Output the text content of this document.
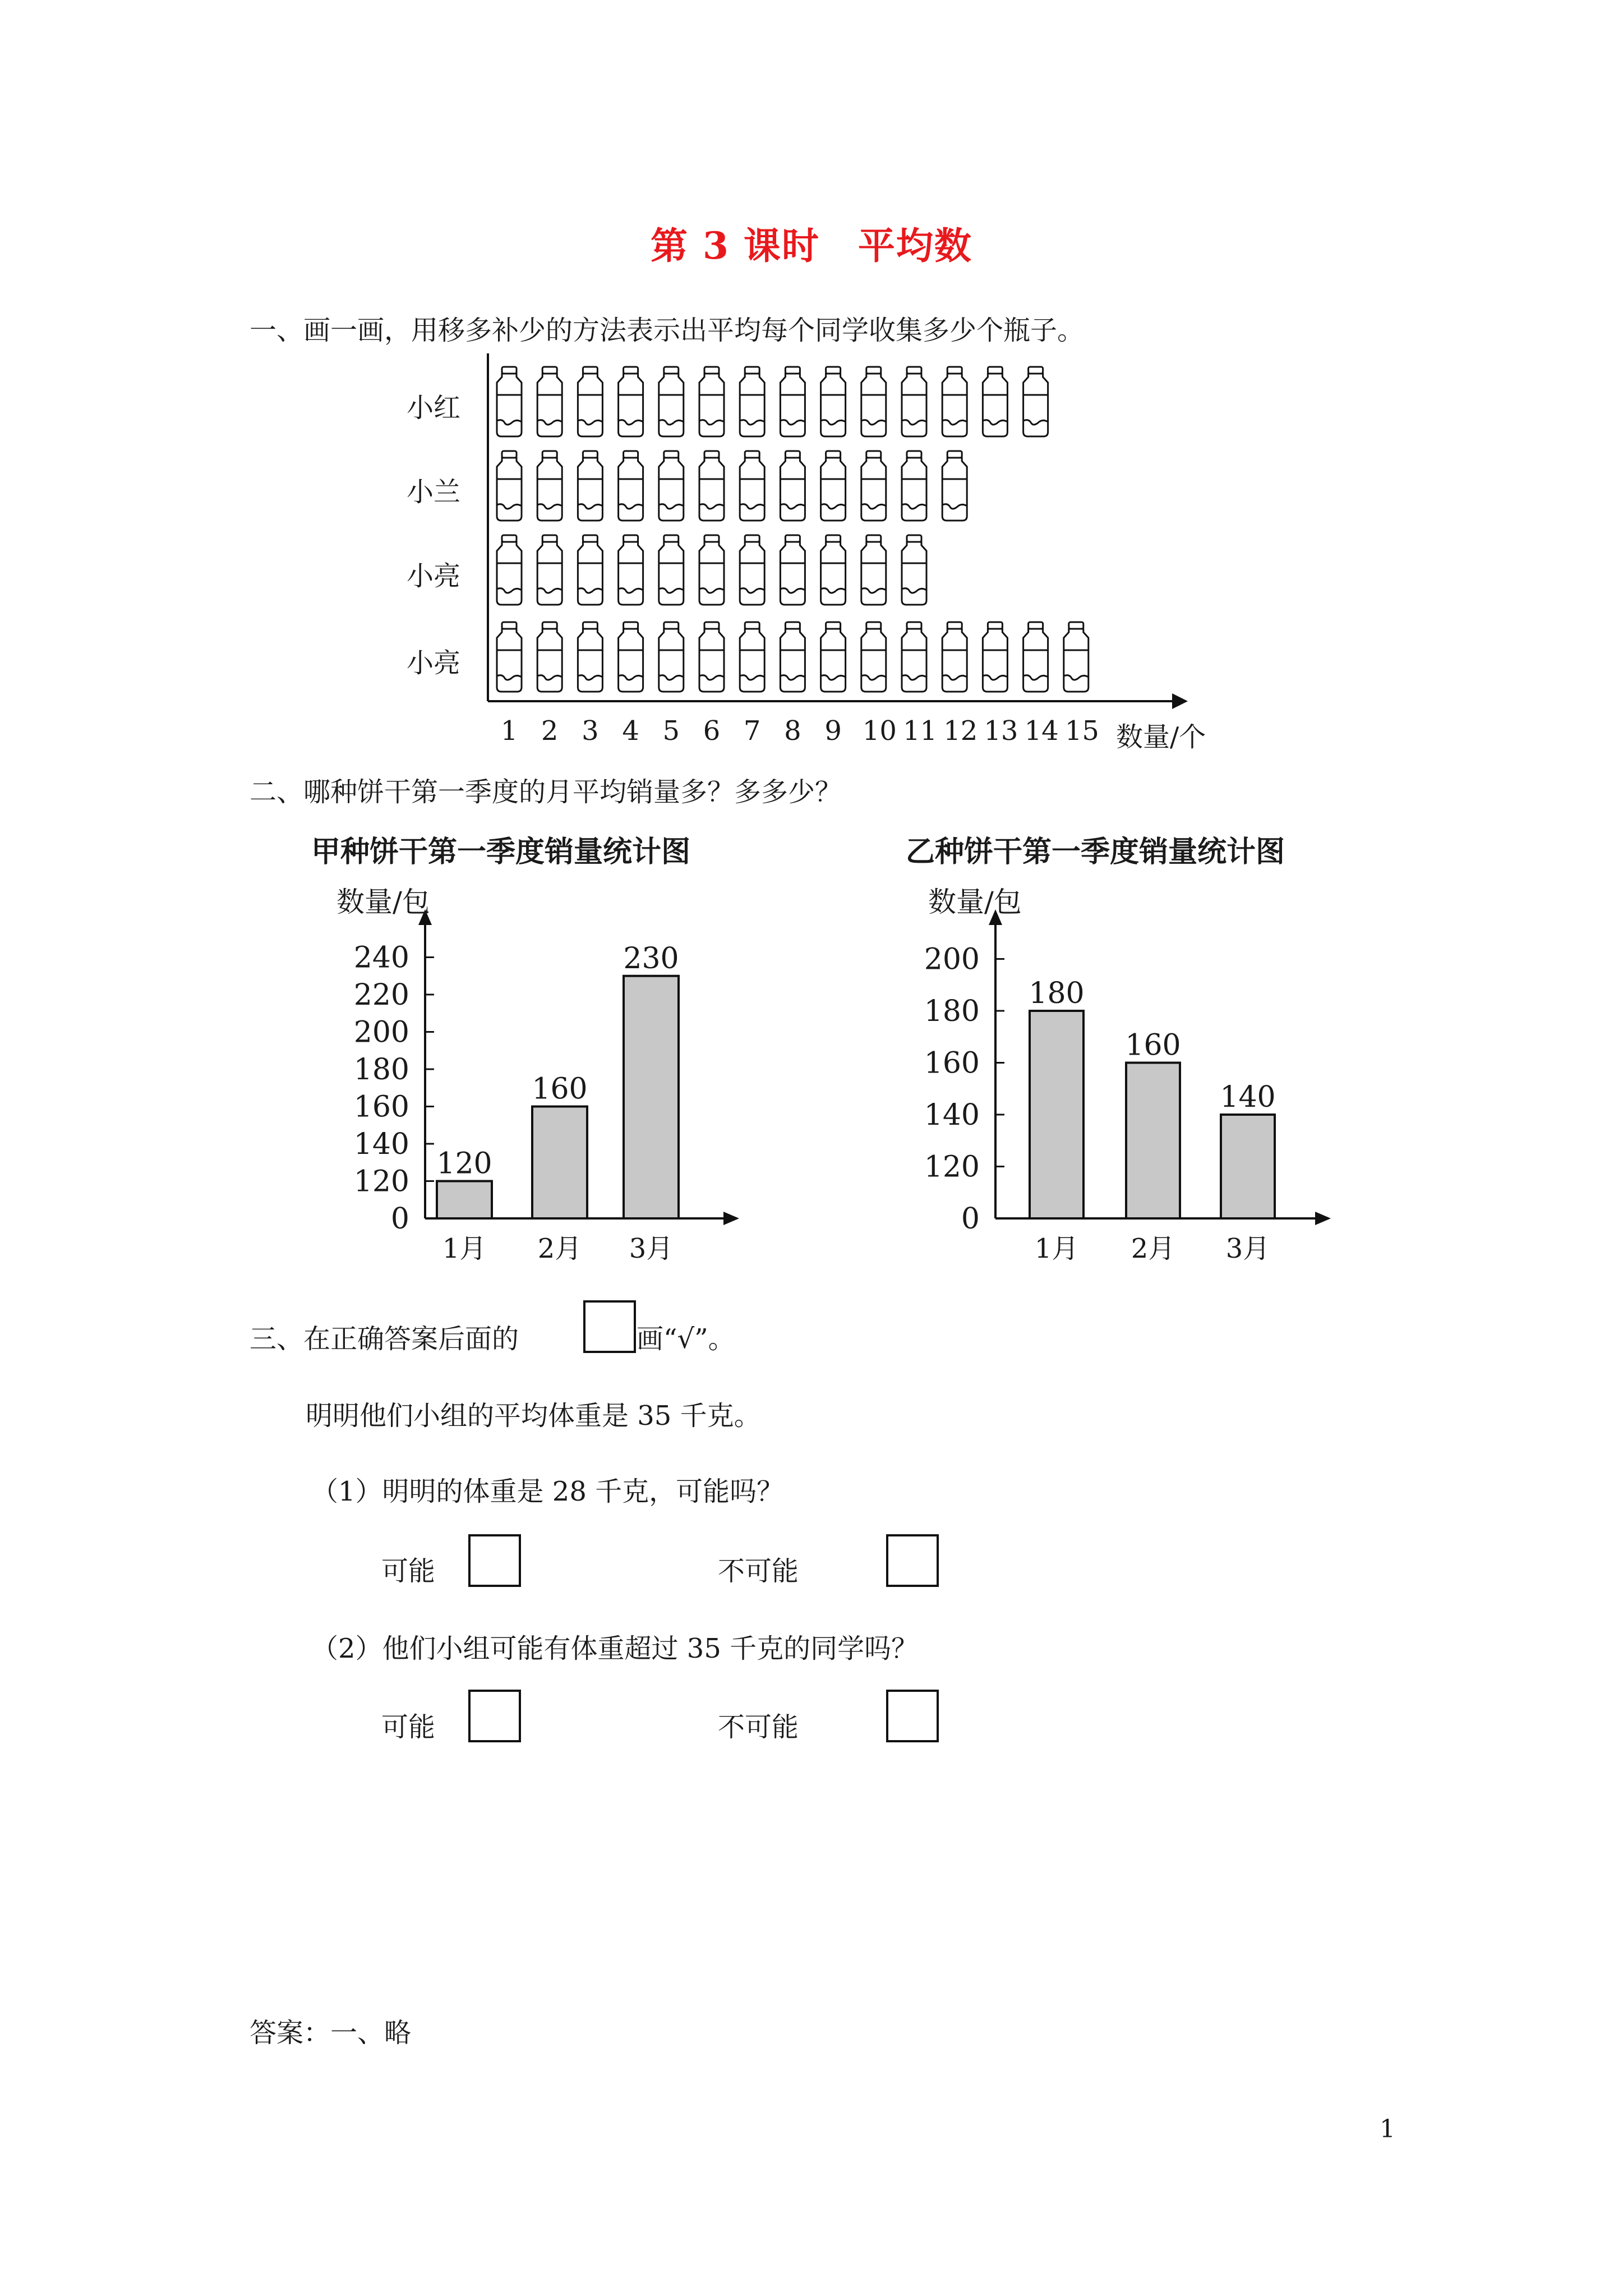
第 3 课时　平均数
一、画一画，用移多补少的方法表示出平均每个同学收集多少个瓶子。
小红
小兰
小亮
小亮
1 2 3 4 5 6 7 8 9 10 11 12 13 14 15 数量/个
二、哪种饼干第一季度的月平均销量多？多多少？
甲种饼干第一季度销量统计图	乙种饼干第一季度销量统计图
0
120
140
160
180
200
220
240
数量/包
120
1月
160
2月
230
3月
0
120
140
160
180
200
数量/包
180
1月
160
2月
140
3月
三、在正确答案后面的	画“√”。
明明他们小组的平均体重是 35 千克。
（1）明明的体重是 28 千克，可能吗？
可能	不可能
（2）他们小组可能有体重超过 35 千克的同学吗？
可能	不可能
答案：一、略
1
